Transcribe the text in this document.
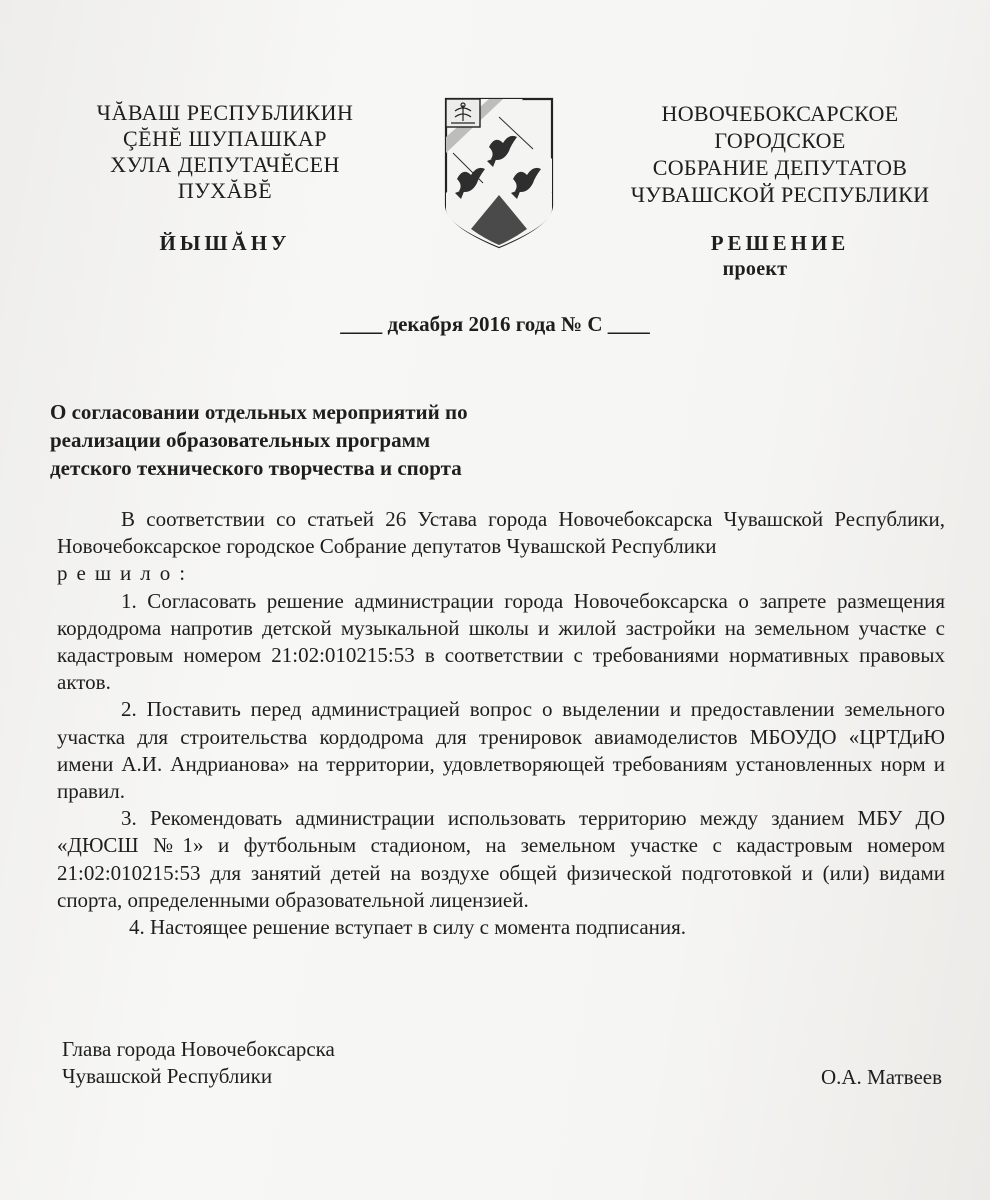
ЧĂВАШ РЕСПУБЛИКИН
ÇĔНĔ ШУПАШКАР
ХУЛА ДЕПУТАЧĔСЕН
ПУХĂВĔ
ЙЫШĂНУ
НОВОЧЕБОКСАРСКОЕ
ГОРОДСКОЕ
СОБРАНИЕ ДЕПУТАТОВ
ЧУВАШСКОЙ РЕСПУБЛИКИ
РЕШЕНИЕ
проект
____ декабря 2016 года № С ____
О согласовании отдельных мероприятий по
реализации образовательных программ
детского технического творчества и спорта

В соответствии со статьей 26 Устава города Новочебоксарска Чувашской Республики, Новочебоксарское городское Собрание депутатов Чувашской Республики

решило:

1. Согласовать решение администрации города Новочебоксарска о запрете размещения кордодрома напротив детской музыкальной школы и жилой застройки на земельном участке с кадастровым номером 21:02:010215:53 в соответствии с требованиями нормативных правовых актов.

2. Поставить перед администрацией вопрос о выделении и предоставлении земельного участка для строительства кордодрома для тренировок авиамоделистов МБОУДО «ЦРТДиЮ имени А.И. Андрианова» на территории, удовлетворяющей требованиям установленных норм и правил.

3. Рекомендовать администрации использовать территорию между зданием МБУ ДО «ДЮСШ №1» и футбольным стадионом, на земельном участке с кадастровым номером 21:02:010215:53 для занятий детей на воздухе общей физической подготовкой и (или) видами спорта, определенными образовательной лицензией.

4. Настоящее решение вступает в силу с момента подписания.

Глава города Новочебоксарска
Чувашской Республики	О.А. Матвеев
